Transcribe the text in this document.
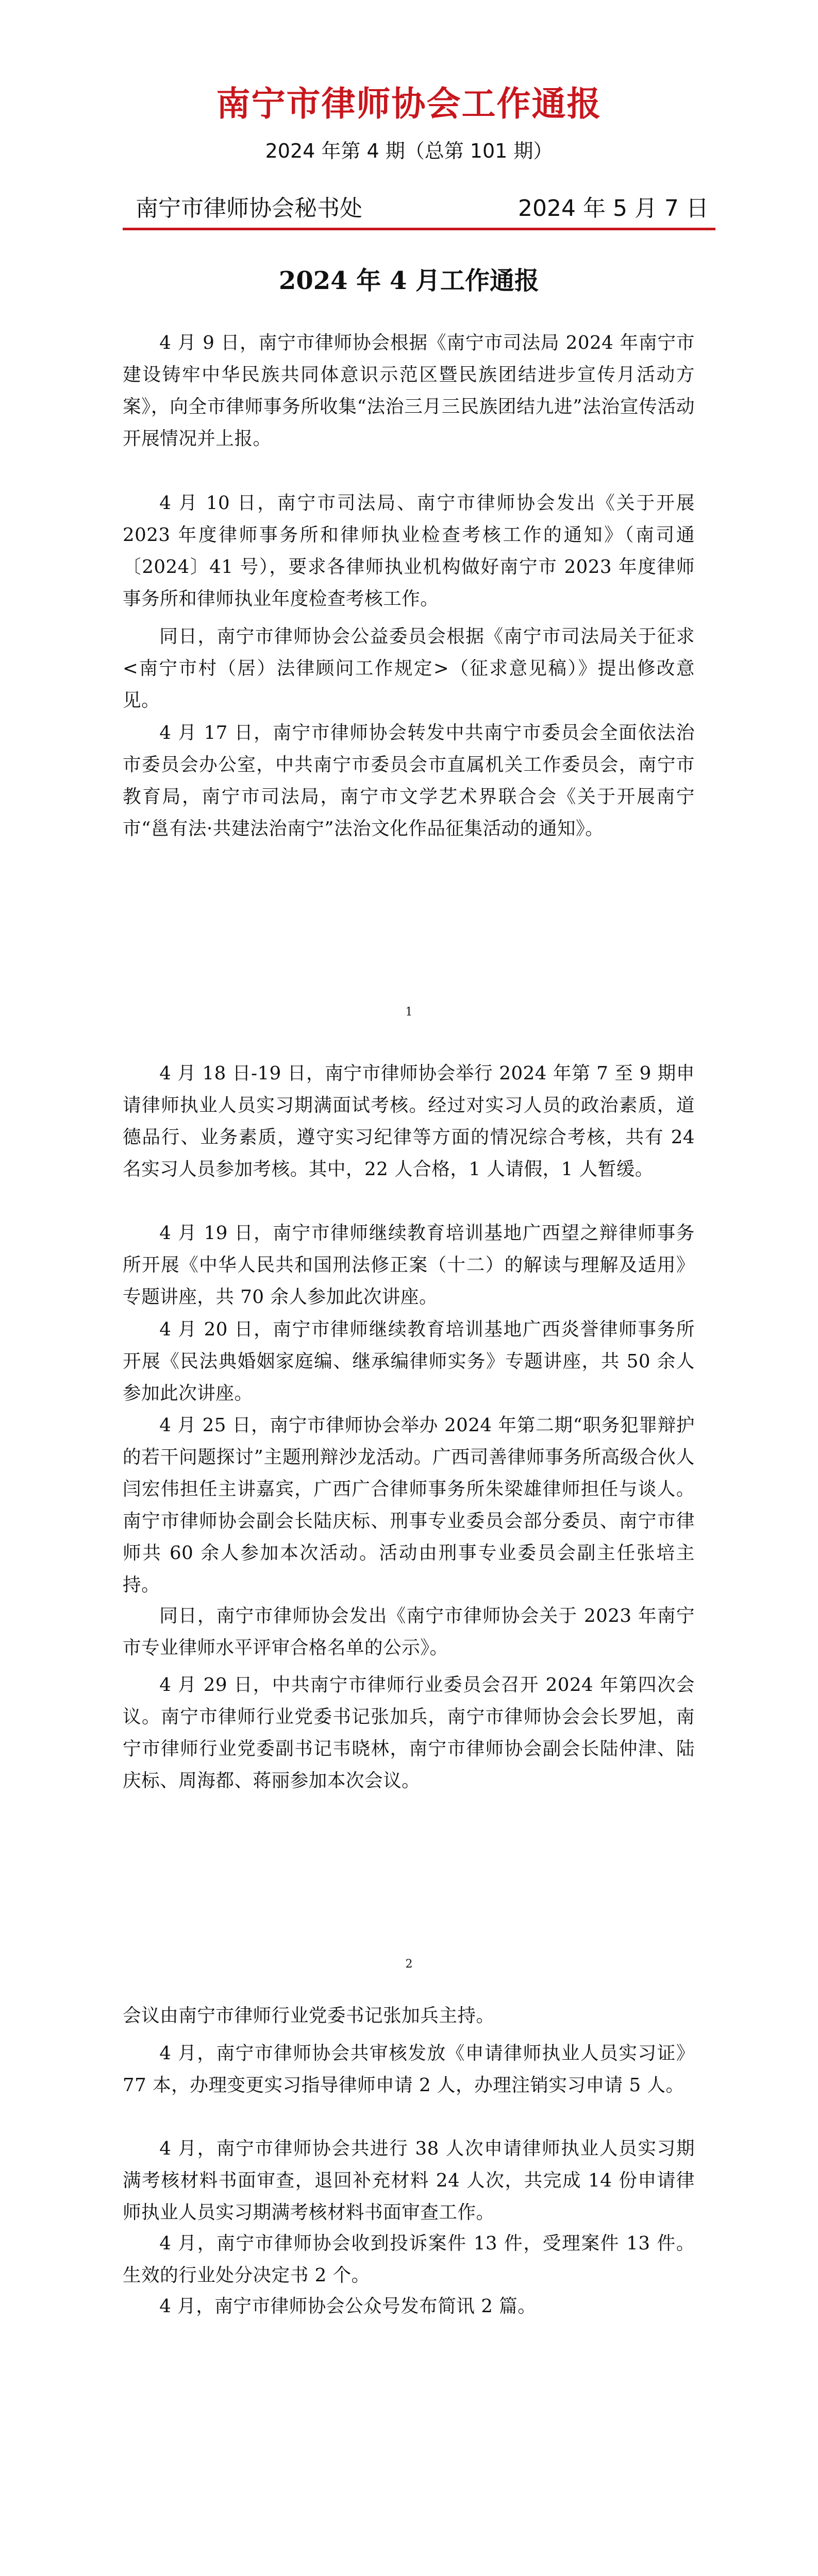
南宁市律师协会工作通报
2024 年第 4 期（总第 101 期）
南宁市律师协会秘书处	2024 年 5 月 7 日
2024 年 4 月工作通报
4 月 9 日，南宁市律师协会根据《南宁市司法局 2024 年南宁市建设铸牢中华民族共同体意识示范区暨民族团结进步宣传月活动方案》，向全市律师事务所收集“法治三月三民族团结九进”法治宣传活动开展情况并上报。
4 月 10 日，南宁市司法局、南宁市律师协会发出《关于开展 2023 年度律师事务所和律师执业检查考核工作的通知》（南司通〔2024〕41 号），要求各律师执业机构做好南宁市 2023 年度律师事务所和律师执业年度检查考核工作。
同日，南宁市律师协会公益委员会根据《南宁市司法局关于征求<南宁市村（居）法律顾问工作规定>（征求意见稿）》提出修改意见。
4 月 17 日，南宁市律师协会转发中共南宁市委员会全面依法治市委员会办公室，中共南宁市委员会市直属机关工作委员会，南宁市教育局，南宁市司法局，南宁市文学艺术界联合会《关于开展南宁市“邕有法·共建法治南宁”法治文化作品征集活动的通知》。
1
4 月 18 日-19 日，南宁市律师协会举行 2024 年第 7 至 9 期申请律师执业人员实习期满面试考核。经过对实习人员的政治素质，道德品行、业务素质，遵守实习纪律等方面的情况综合考核，共有 24 名实习人员参加考核。其中，22 人合格，1 人请假，1 人暂缓。
4 月 19 日，南宁市律师继续教育培训基地广西望之辩律师事务所开展《中华人民共和国刑法修正案（十二）的解读与理解及适用》专题讲座，共 70 余人参加此次讲座。
4 月 20 日，南宁市律师继续教育培训基地广西炎誉律师事务所开展《民法典婚姻家庭编、继承编律师实务》专题讲座，共 50 余人参加此次讲座。
4 月 25 日，南宁市律师协会举办 2024 年第二期“职务犯罪辩护的若干问题探讨”主题刑辩沙龙活动。广西司善律师事务所高级合伙人闫宏伟担任主讲嘉宾，广西广合律师事务所朱梁雄律师担任与谈人。南宁市律师协会副会长陆庆标、刑事专业委员会部分委员、南宁市律师共 60 余人参加本次活动。活动由刑事专业委员会副主任张培主持。
同日，南宁市律师协会发出《南宁市律师协会关于 2023 年南宁市专业律师水平评审合格名单的公示》。
4 月 29 日，中共南宁市律师行业委员会召开 2024 年第四次会议。南宁市律师行业党委书记张加兵，南宁市律师协会会长罗旭，南宁市律师行业党委副书记韦晓林，南宁市律师协会副会长陆仲津、陆庆标、周海都、蒋丽参加本次会议。
2
会议由南宁市律师行业党委书记张加兵主持。
4 月，南宁市律师协会共审核发放《申请律师执业人员实习证》77 本，办理变更实习指导律师申请 2 人，办理注销实习申请 5 人。
4 月，南宁市律师协会共进行 38 人次申请律师执业人员实习期满考核材料书面审查，退回补充材料 24 人次，共完成 14 份申请律师执业人员实习期满考核材料书面审查工作。
4 月，南宁市律师协会收到投诉案件 13 件，受理案件 13 件。生效的行业处分决定书 2 个。
4 月，南宁市律师协会公众号发布简讯 2 篇。
